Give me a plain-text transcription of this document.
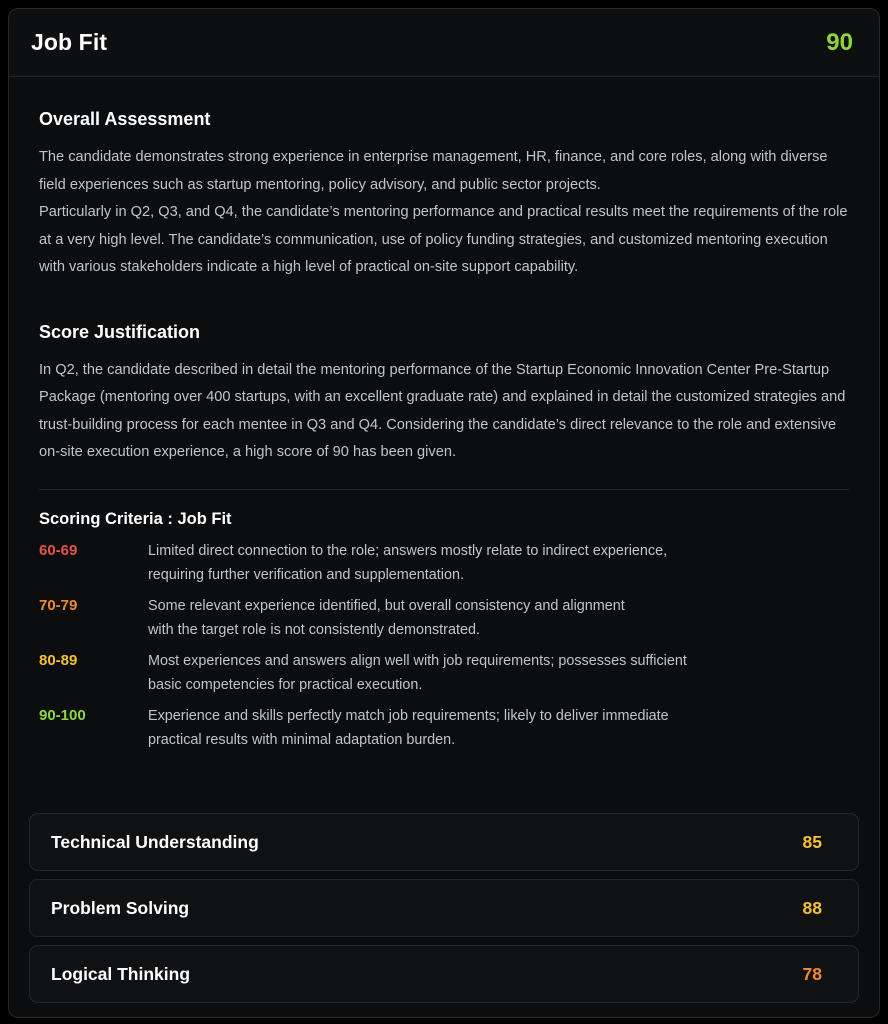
Job Fit	90
Overall Assessment

The candidate demonstrates strong experience in enterprise management, HR, finance, and core roles, along with diverse field experiences such as startup mentoring, policy advisory, and public sector projects.

Particularly in Q2, Q3, and Q4, the candidate’s mentoring performance and practical results meet the requirements of the role at a very high level. The candidate’s communication, use of policy funding strategies, and customized mentoring execution with various stakeholders indicate a high level of practical on-site support capability.

Score Justification

In Q2, the candidate described in detail the mentoring performance of the Startup Economic Innovation Center Pre-Startup Package (mentoring over 400 startups, with an excellent graduate rate) and explained in detail the customized strategies and trust-building process for each mentee in Q3 and Q4. Considering the candidate’s direct relevance to the role and extensive on-site execution experience, a high score of 90 has been given.

Scoring Criteria : Job Fit
60-69	Limited direct connection to the role; answers mostly relate to indirect experience,
requiring further verification and supplementation.
70-79	Some relevant experience identified, but overall consistency and alignment
with the target role is not consistently demonstrated.
80-89	Most experiences and answers align well with job requirements; possesses sufficient
basic competencies for practical execution.
90-100	Experience and skills perfectly match job requirements; likely to deliver immediate
practical results with minimal adaptation burden.
Technical Understanding	85
Problem Solving	88
Logical Thinking	78
